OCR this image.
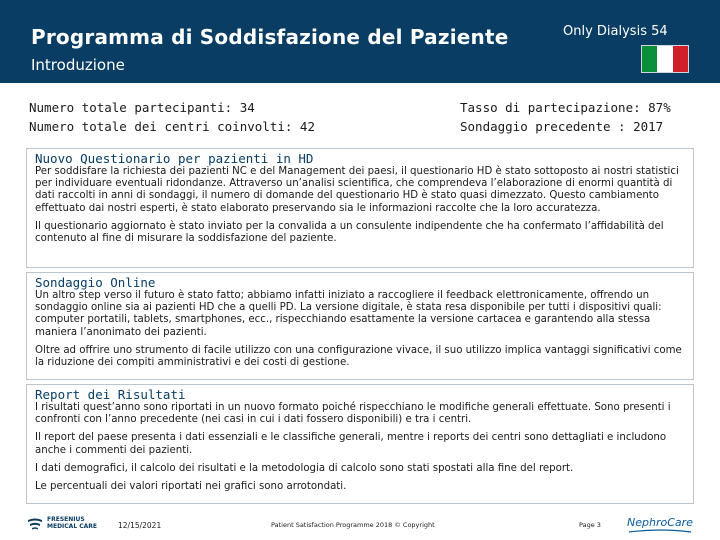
Programma di Soddisfazione del Paziente
Introduzione
Only Dialysis 54
Numero totale partecipanti: 34
Numero totale dei centri coinvolti: 42
Tasso di partecipazione: 87%
Sondaggio precedente : 2017
Nuovo Questionario per pazienti in HD

Per soddisfare la richiesta dei pazienti NC e del Management dei paesi, il questionario HD è stato sottoposto ai nostri statistici per individuare eventuali ridondanze. Attraverso un’analisi scientifica, che comprendeva l’elaborazione di enormi quantità di dati raccolti in anni di sondaggi, il numero di domande del questionario HD è stato quasi dimezzato. Questo cambiamento effettuato dai nostri esperti, è stato elaborato preservando sia le informazioni raccolte che la loro accuratezza.

Il questionario aggiornato è stato inviato per la convalida a un consulente indipendente che ha confermato l’affidabilità del contenuto al fine di misurare la soddisfazione del paziente.

Sondaggio Online

Un altro step verso il futuro è stato fatto; abbiamo infatti iniziato a raccogliere il feedback elettronicamente, offrendo un sondaggio online sia ai pazienti HD che a quelli PD. La versione digitale, è stata resa disponibile per tutti i dispositivi quali: computer portatili, tablets, smartphones, ecc., rispecchiando esattamente la versione cartacea e garantendo alla stessa maniera l’anonimato dei pazienti.

Oltre ad offrire uno strumento di facile utilizzo con una configurazione vivace, il suo utilizzo implica vantaggi significativi come la riduzione dei compiti amministrativi e dei costi di gestione.

Report dei Risultati

I risultati quest’anno sono riportati in un nuovo formato poiché rispecchiano le modifiche generali effettuate. Sono presenti i confronti con l’anno precedente (nei casi in cui i dati fossero disponibili) e tra i centri.

Il report del paese presenta i dati essenziali e le classifiche generali, mentre i reports dei centri sono dettagliati e includono anche i commenti dei pazienti.

I dati demografici, il calcolo dei risultati e la metodologia di calcolo sono stati spostati alla fine del report.

Le percentuali dei valori riportati nei grafici sono arrotondati.

FRESENIUS
MEDICAL CARE	12/15/2021	Patient Satisfaction Programme 2018 © Copyright	Page 3 NephroCare
